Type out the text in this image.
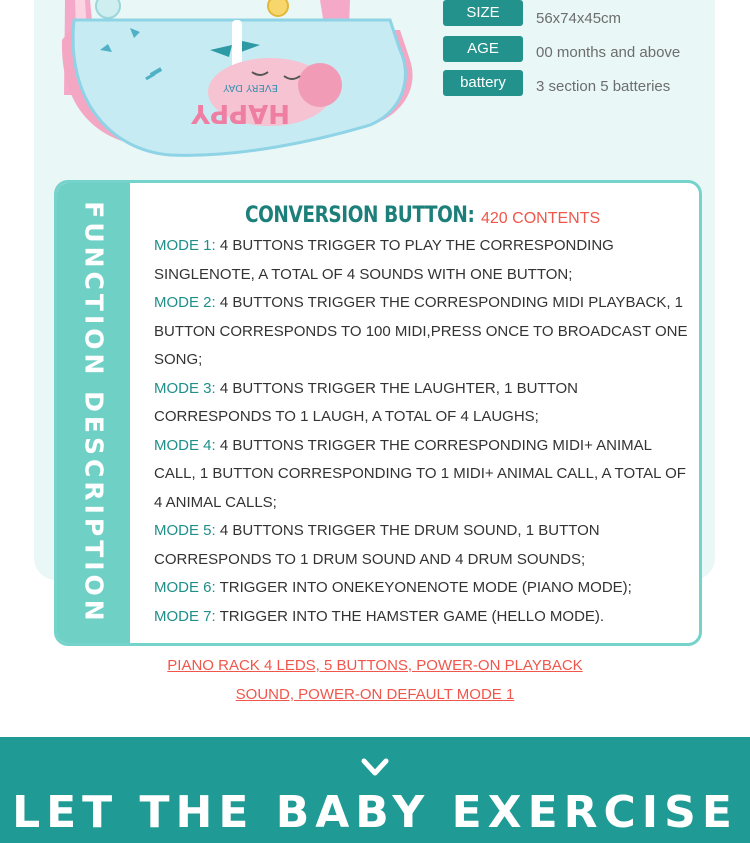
HAPPY
EVERY DAY
SIZE	56x74x45cm
AGE	00 months and above
battery	3 section 5 batteries
FUNCTION DESCRIPTION	CONVERSION BUTTON: 420 CONTENTS
MODE 1: 4 BUTTONS TRIGGER TO PLAY THE CORRESPONDING SINGLENOTE, A TOTAL OF 4 SOUNDS WITH ONE BUTTON;
MODE 2: 4 BUTTONS TRIGGER THE CORRESPONDING MIDI PLAYBACK, 1 BUTTON CORRESPONDS TO 100 MIDI,PRESS ONCE TO BROADCAST ONE SONG;
MODE 3: 4 BUTTONS TRIGGER THE LAUGHTER, 1 BUTTON CORRESPONDS TO 1 LAUGH, A TOTAL OF 4 LAUGHS;
MODE 4: 4 BUTTONS TRIGGER THE CORRESPONDING MIDI+ ANIMAL CALL, 1 BUTTON CORRESPONDING TO 1 MIDI+ ANIMAL CALL, A TOTAL OF 4 ANIMAL CALLS;
MODE 5: 4 BUTTONS TRIGGER THE DRUM SOUND, 1 BUTTON CORRESPONDS TO 1 DRUM SOUND AND 4 DRUM SOUNDS;
MODE 6: TRIGGER INTO ONEKEYONENOTE MODE (PIANO MODE);
MODE 7: TRIGGER INTO THE HAMSTER GAME (HELLO MODE).
PIANO RACK 4 LEDS, 5 BUTTONS, POWER-ON PLAYBACK
SOUND, POWER-ON DEFAULT MODE 1
LET THE BABY EXERCISE
